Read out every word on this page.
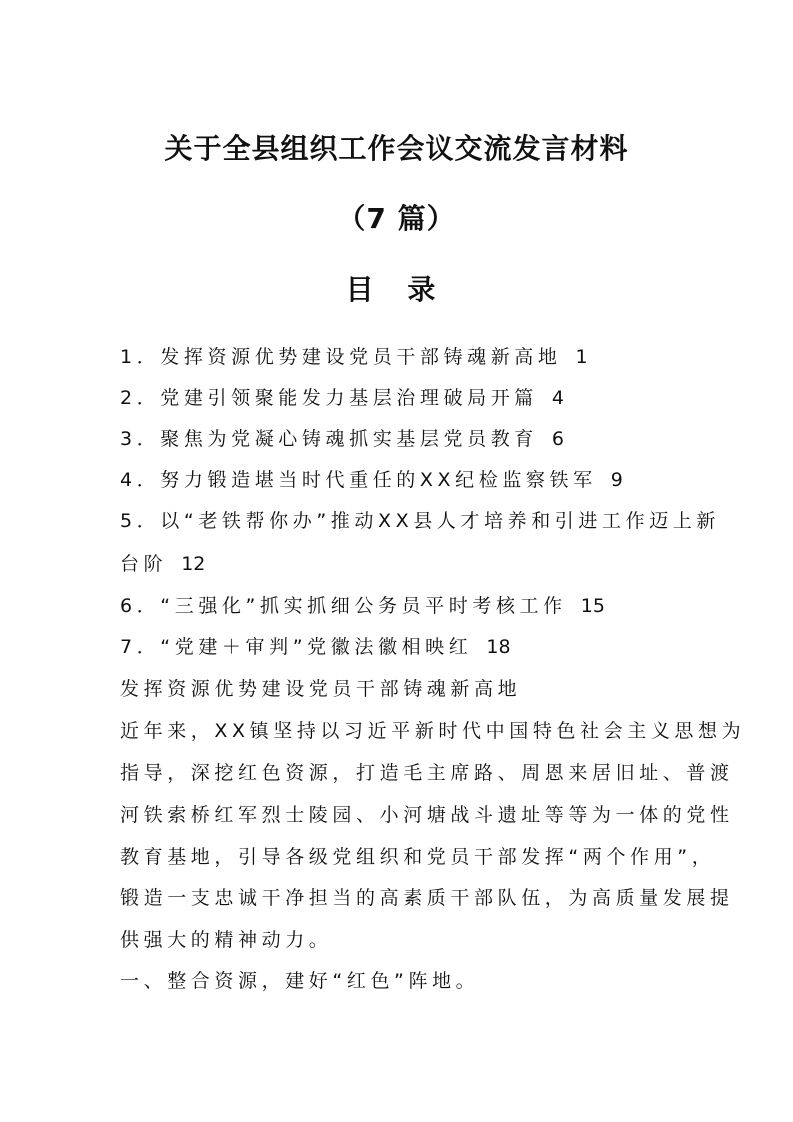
关于全县组织工作会议交流发言材料
（7 篇）
目 录
1．发挥资源优势建设党员干部铸魂新高地 1
2．党建引领聚能发力基层治理破局开篇 4
3．聚焦为党凝心铸魂抓实基层党员教育 6
4．努力锻造堪当时代重任的XX纪检监察铁军 9
5．以“老铁帮你办”推动XX县人才培养和引进工作迈上新
台阶 12
6．“三强化”抓实抓细公务员平时考核工作 15
7．“党建＋审判”党徽法徽相映红 18
发挥资源优势建设党员干部铸魂新高地
近年来，XX镇坚持以习近平新时代中国特色社会主义思想为
指导，深挖红色资源，打造毛主席路、周恩来居旧址、普渡
河铁索桥红军烈士陵园、小河塘战斗遗址等等为一体的党性
教育基地，引导各级党组织和党员干部发挥“两个作用”，
锻造一支忠诚干净担当的高素质干部队伍，为高质量发展提
供强大的精神动力。
一、整合资源，建好“红色”阵地。
